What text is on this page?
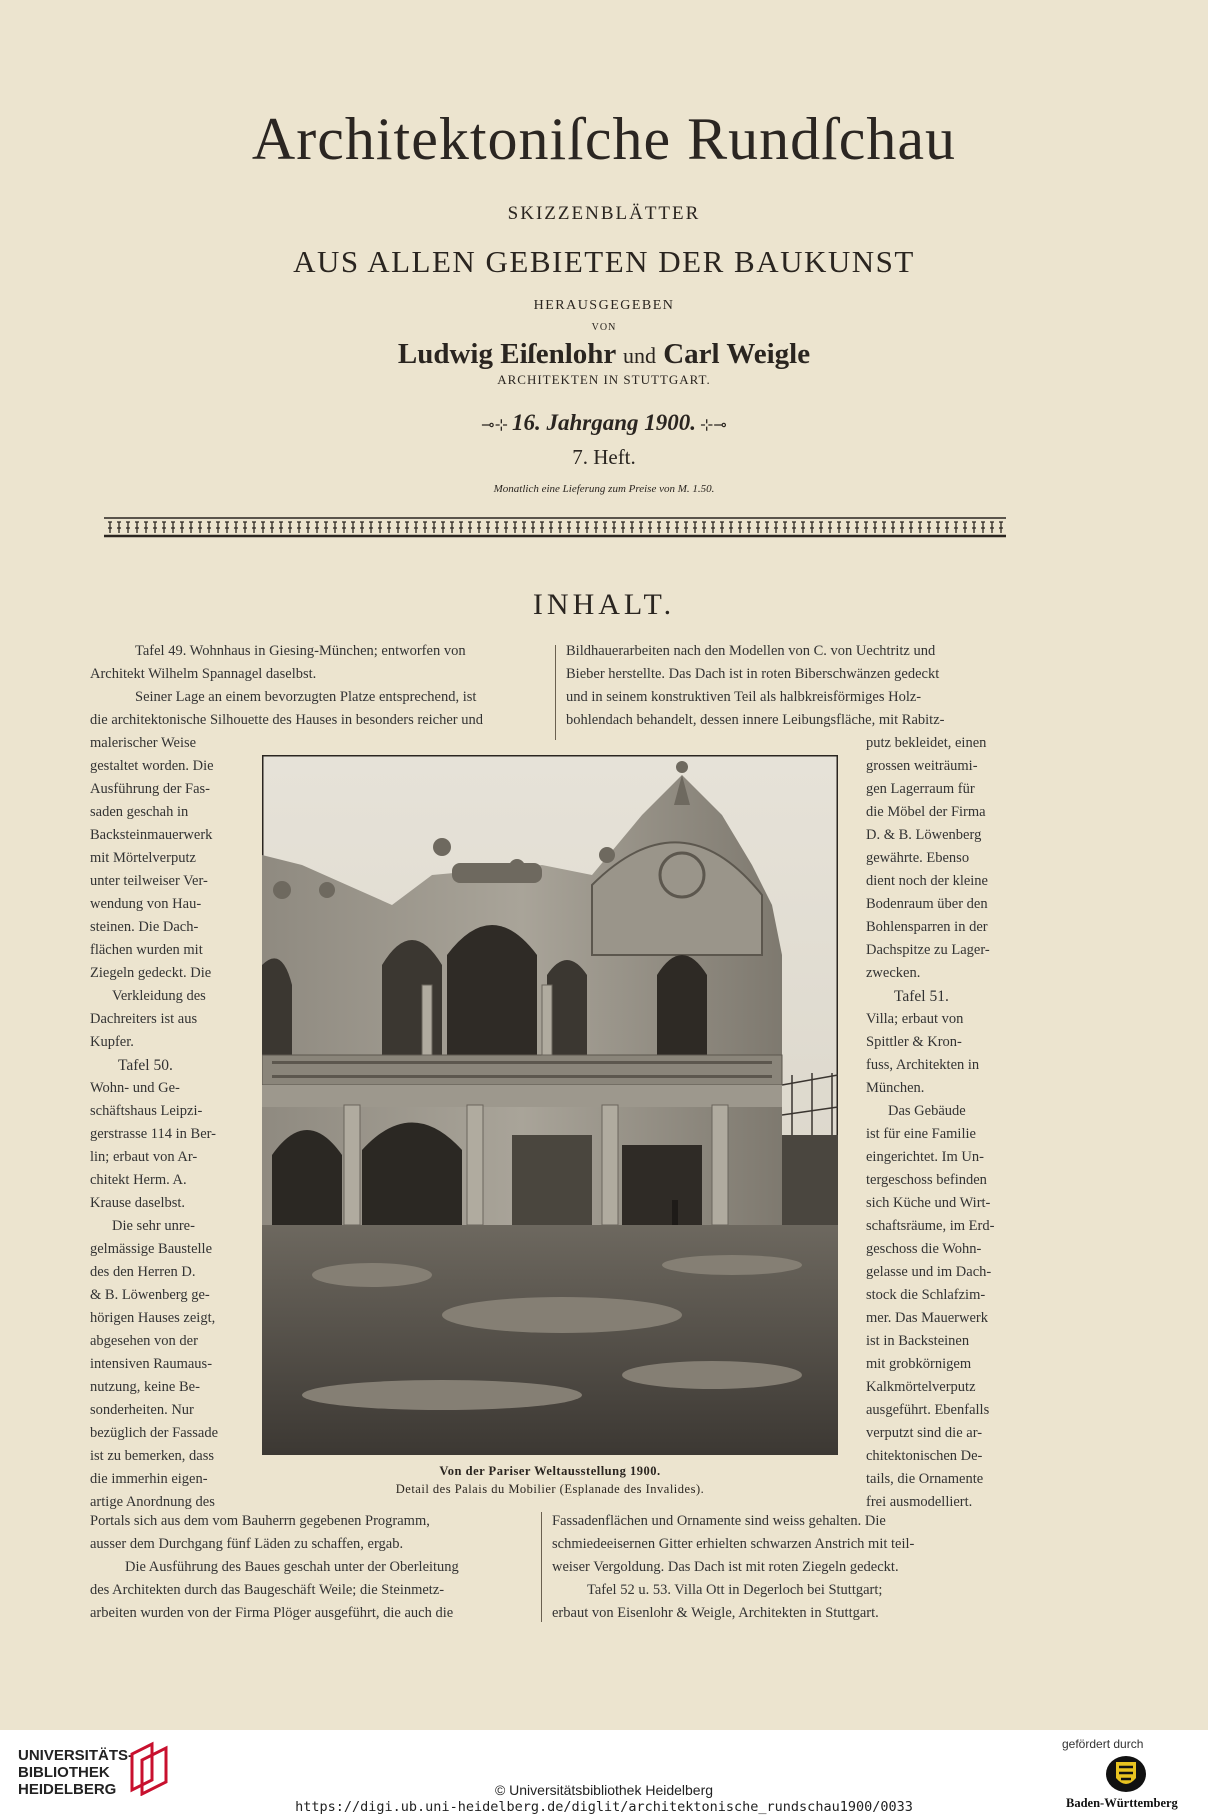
Architektoniſche Rundſchau
SKIZZENBLÄTTER
AUS ALLEN GEBIETEN DER BAUKUNST
HERAUSGEGEBEN
VON
Ludwig Eiſenlohr und Carl Weigle
ARCHITEKTEN IN STUTTGART.
⊸⊹ 16. Jahrgang 1900. ⊹⊸
7. Heft.
Monatlich eine Lieferung zum Preise von M. 1.50.
INHALT.

Tafel 49. Wohnhaus in Giesing-München; entworfen von

Architekt Wilhelm Spannagel daselbst.

Seiner Lage an einem bevorzugten Platze entsprechend, ist

die architektonische Silhouette des Hauses in besonders reicher und

Bildhauerarbeiten nach den Modellen von C. von Uechtritz und

Bieber herstellte. Das Dach ist in roten Biberschwänzen gedeckt

und in seinem konstruktiven Teil als halbkreisförmiges Holz-

bohlendach behandelt, dessen innere Leibungsfläche, mit Rabitz-

malerischer Weise

gestaltet worden. Die

Ausführung der Fas-

saden geschah in

Backsteinmauerwerk

mit Mörtelverputz

unter teilweiser Ver-

wendung von Hau-

steinen. Die Dach-

flächen wurden mit

Ziegeln gedeckt. Die

Verkleidung des

Dachreiters ist aus

Kupfer.

Tafel 50.

Wohn- und Ge-

schäftshaus Leipzi-

gerstrasse 114 in Ber-

lin; erbaut von Ar-

chitekt Herm. A.

Krause daselbst.

Die sehr unre-

gelmässige Baustelle

des den Herren D.

& B. Löwenberg ge-

hörigen Hauses zeigt,

abgesehen von der

intensiven Raumaus-

nutzung, keine Be-

sonderheiten. Nur

bezüglich der Fassade

ist zu bemerken, dass

die immerhin eigen-

artige Anordnung des

putz bekleidet, einen

grossen weiträumi-

gen Lagerraum für

die Möbel der Firma

D. & B. Löwenberg

gewährte. Ebenso

dient noch der kleine

Bodenraum über den

Bohlensparren in der

Dachspitze zu Lager-

zwecken.

Tafel 51.

Villa; erbaut von

Spittler & Kron-

fuss, Architekten in

München.

Das Gebäude

ist für eine Familie

eingerichtet. Im Un-

tergeschoss befinden

sich Küche und Wirt-

schaftsräume, im Erd-

geschoss die Wohn-

gelasse und im Dach-

stock die Schlafzim-

mer. Das Mauerwerk

ist in Backsteinen

mit grobkörnigem

Kalkmörtelverputz

ausgeführt. Ebenfalls

verputzt sind die ar-

chitektonischen De-

tails, die Ornamente

frei ausmodelliert.

Von der Pariser Weltausstellung 1900.
Detail des Palais du Mobilier (Esplanade des Invalides).

Portals sich aus dem vom Bauherrn gegebenen Programm,

ausser dem Durchgang fünf Läden zu schaffen, ergab.

Die Ausführung des Baues geschah unter der Oberleitung

des Architekten durch das Baugeschäft Weile; die Steinmetz-

arbeiten wurden von der Firma Plöger ausgeführt, die auch die

Fassadenflächen und Ornamente sind weiss gehalten. Die

schmiedeeisernen Gitter erhielten schwarzen Anstrich mit teil-

weiser Vergoldung. Das Dach ist mit roten Ziegeln gedeckt.

Tafel 52 u. 53. Villa Ott in Degerloch bei Stuttgart;

erbaut von Eisenlohr & Weigle, Architekten in Stuttgart.

UNIVERSITÄTS-
BIBLIOTHEK
HEIDELBERG	© Universitätsbibliothek Heidelberg
https://digi.ub.uni-heidelberg.de/diglit/architektonische_rundschau1900/0033
gefördert durch
Baden-Württemberg
